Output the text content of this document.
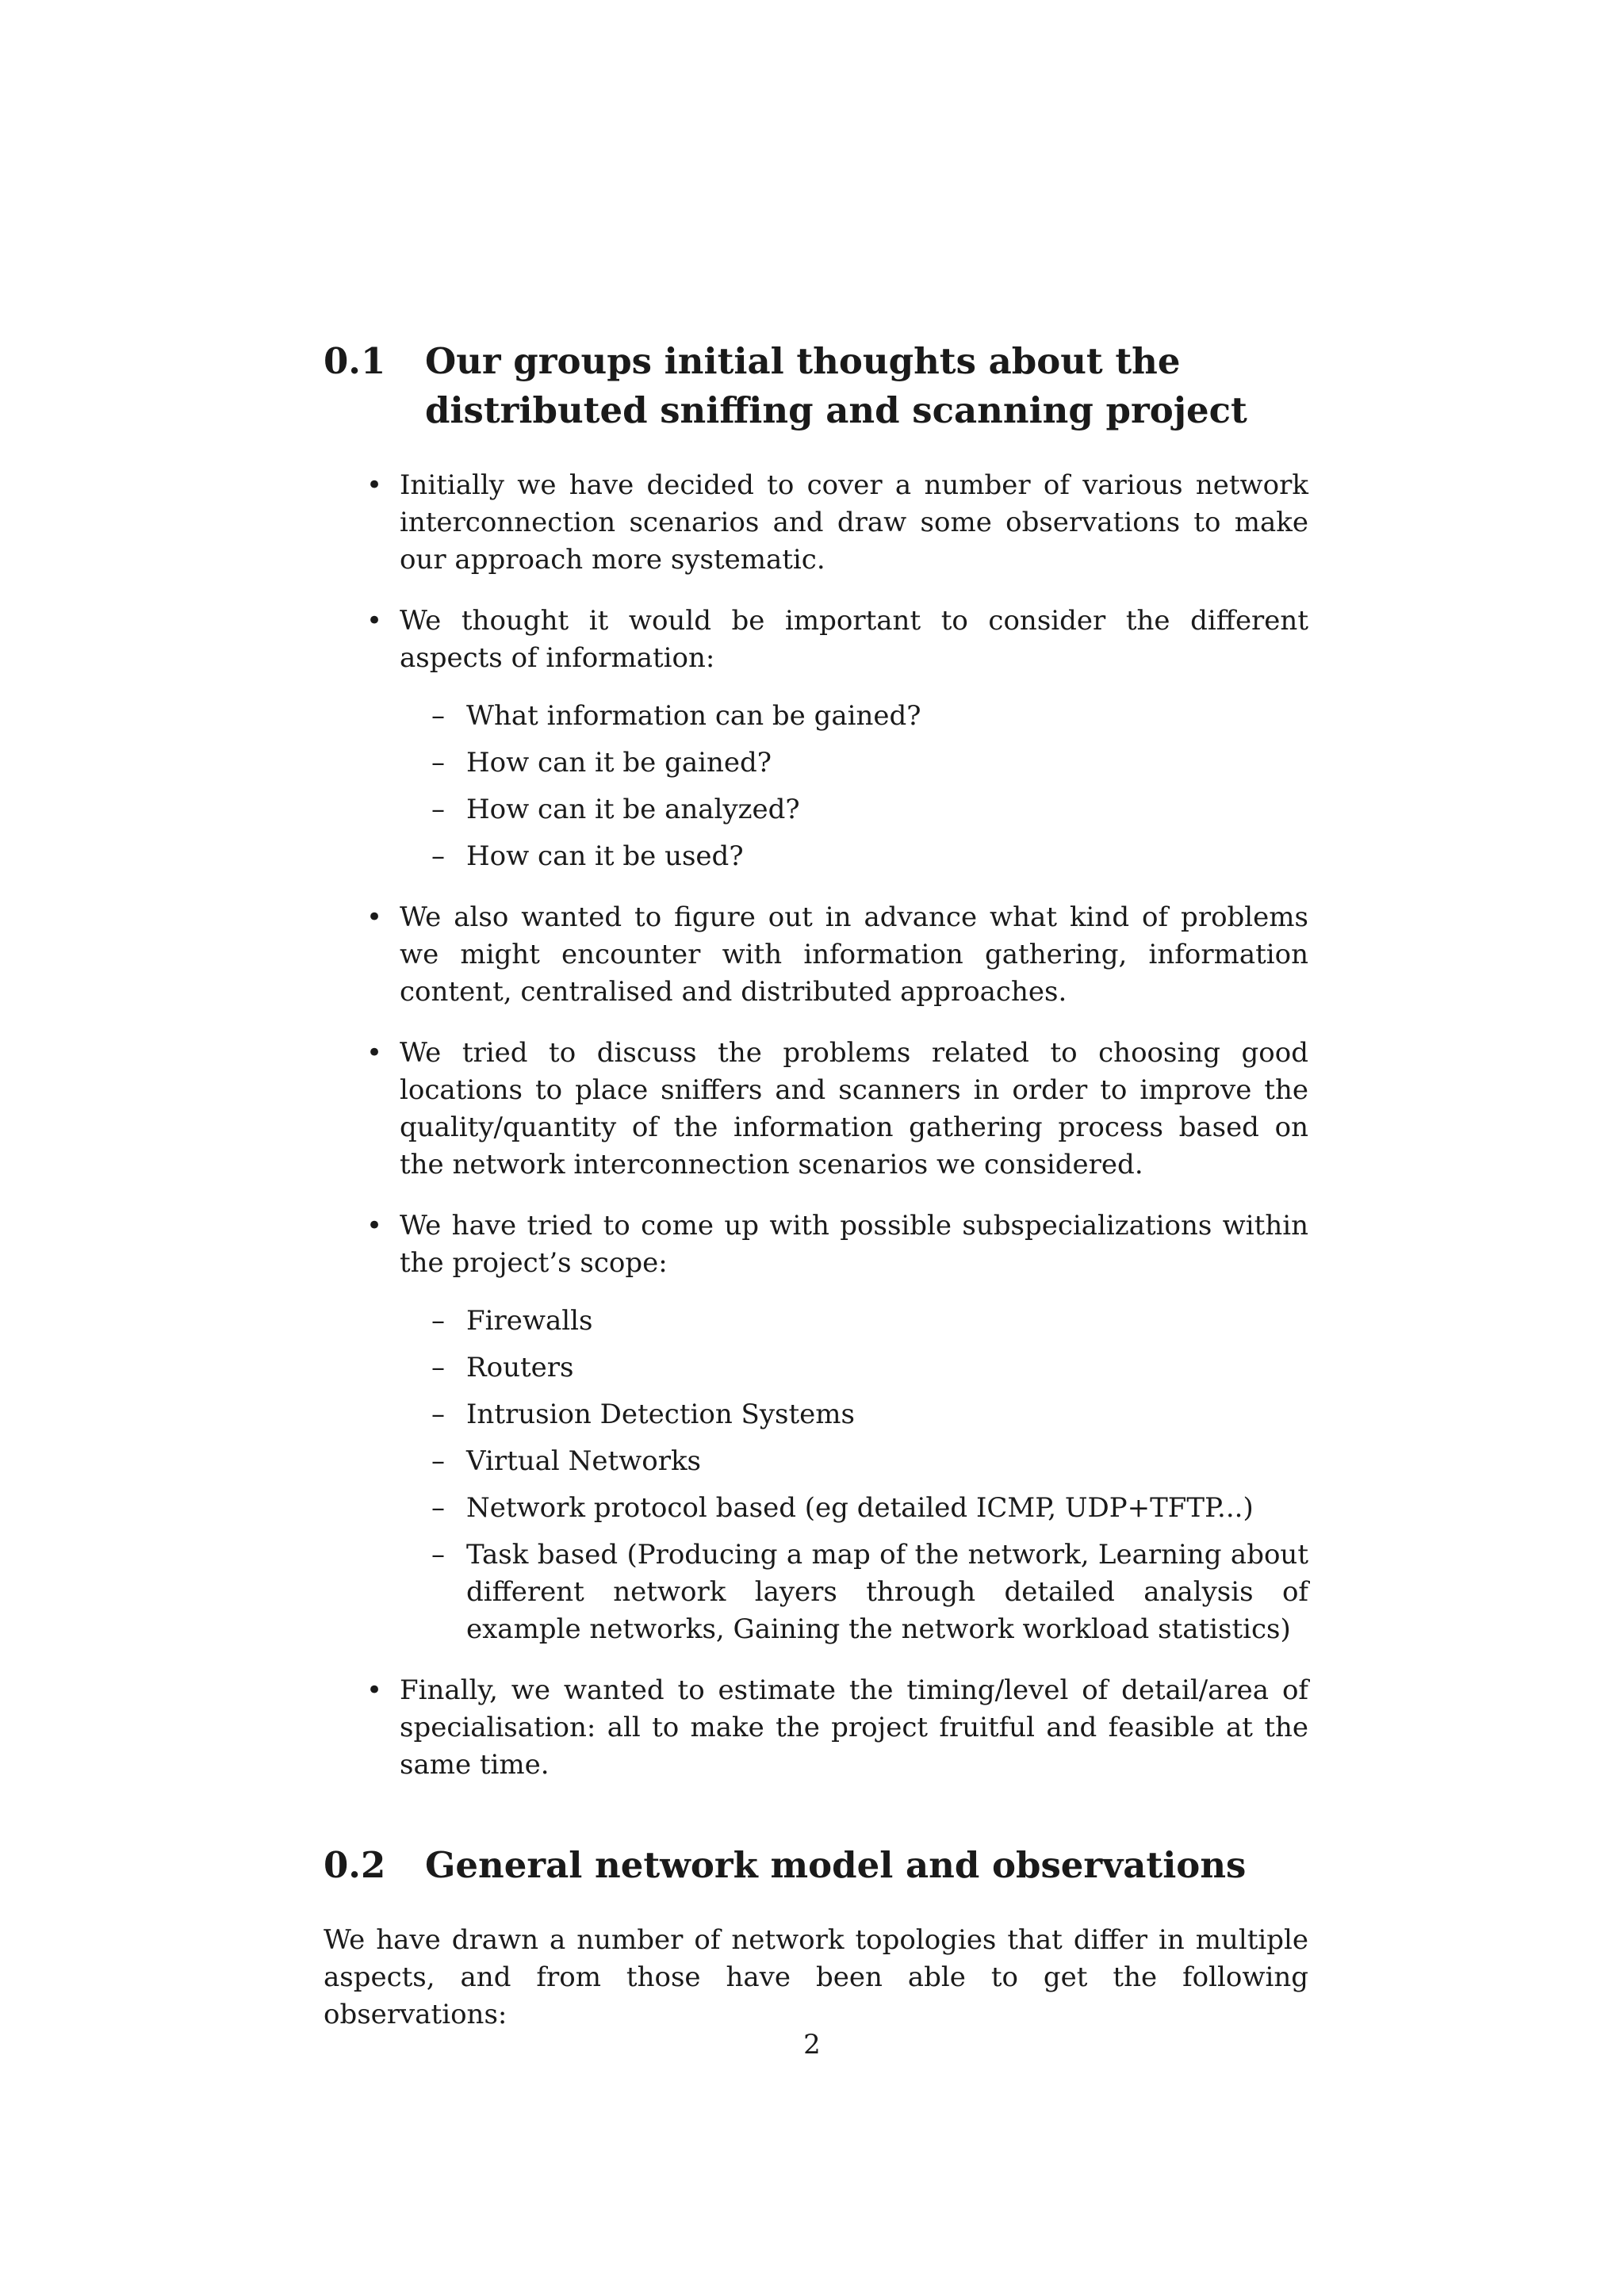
0.1	Our groups initial thoughts about the distributed sniffing and scanning project
• Initially we have decided to cover a number of various network interconnection scenarios and draw some observations to make our approach more systematic.
• We thought it would be important to consider the different aspects of information:
– What information can be gained?
– How can it be gained?
– How can it be analyzed?
– How can it be used?
• We also wanted to figure out in advance what kind of problems we might encounter with information gathering, information content, centralised and distributed approaches.
• We tried to discuss the problems related to choosing good locations to place sniffers and scanners in order to improve the quality/quantity of the information gathering process based on the network interconnection scenarios we considered.
• We have tried to come up with possible subspecializations within the project’s scope:
– Firewalls
– Routers
– Intrusion Detection Systems
– Virtual Networks
– Network protocol based (eg detailed ICMP, UDP+TFTP...)
– Task based (Producing a map of the network, Learning about different network layers through detailed analysis of example networks, Gaining the network workload statistics)
• Finally, we wanted to estimate the timing/level of detail/area of specialisation: all to make the project fruitful and feasible at the same time.
0.2	General network model and observations

We have drawn a number of network topologies that differ in multiple aspects, and from those have been able to get the following observations:

2
